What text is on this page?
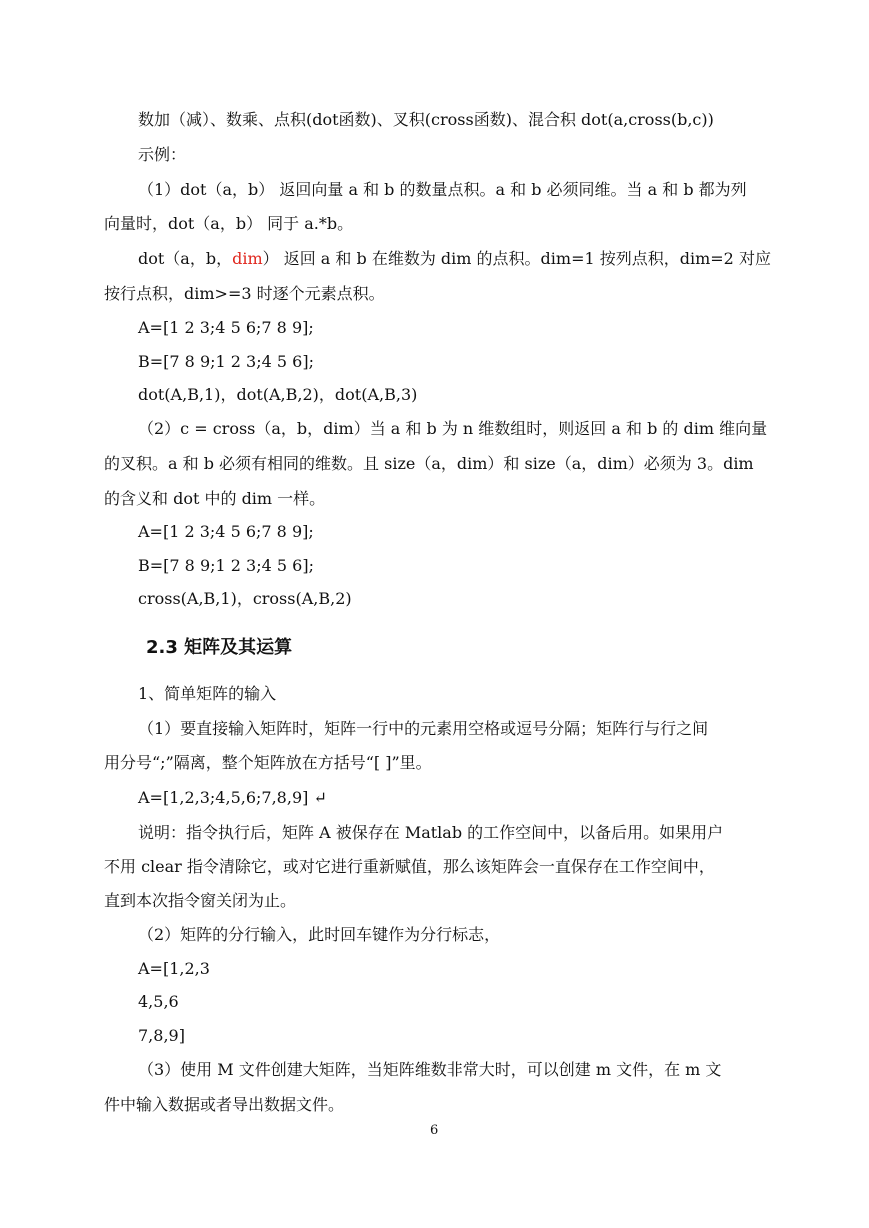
数加（减）、数乘、点积(dot函数)、叉积(cross函数)、混合积 dot(a,cross(b,c))
示例：
（1）dot（a，b） 返回向量 a 和 b 的数量点积。a 和 b 必须同维。当 a 和 b 都为列
向量时，dot（a，b） 同于 a.*b。
dot（a，b，dim） 返回 a 和 b 在维数为 dim 的点积。dim=1 按列点积，dim=2 对应
按行点积，dim>=3 时逐个元素点积。
A=[1 2 3;4 5 6;7 8 9];
B=[7 8 9;1 2 3;4 5 6];
dot(A,B,1)，dot(A,B,2)，dot(A,B,3)
（2）c = cross（a，b，dim）当 a 和 b 为 n 维数组时，则返回 a 和 b 的 dim 维向量
的叉积。a 和 b 必须有相同的维数。且 size（a，dim）和 size（a，dim）必须为 3。dim
的含义和 dot 中的 dim 一样。
A=[1 2 3;4 5 6;7 8 9];
B=[7 8 9;1 2 3;4 5 6];
cross(A,B,1)，cross(A,B,2)
2.3 矩阵及其运算
1、简单矩阵的输入
（1）要直接输入矩阵时，矩阵一行中的元素用空格或逗号分隔；矩阵行与行之间
用分号“;”隔离，整个矩阵放在方括号“[ ]”里。
A=[1,2,3;4,5,6;7,8,9] ↵
说明：指令执行后，矩阵 A 被保存在 Matlab 的工作空间中，以备后用。如果用户
不用 clear 指令清除它，或对它进行重新赋值，那么该矩阵会一直保存在工作空间中，
直到本次指令窗关闭为止。
（2）矩阵的分行输入，此时回车键作为分行标志，
A=[1,2,3
4,5,6
7,8,9]
（3）使用 M 文件创建大矩阵，当矩阵维数非常大时，可以创建 m 文件，在 m 文
件中输入数据或者导出数据文件。
6
